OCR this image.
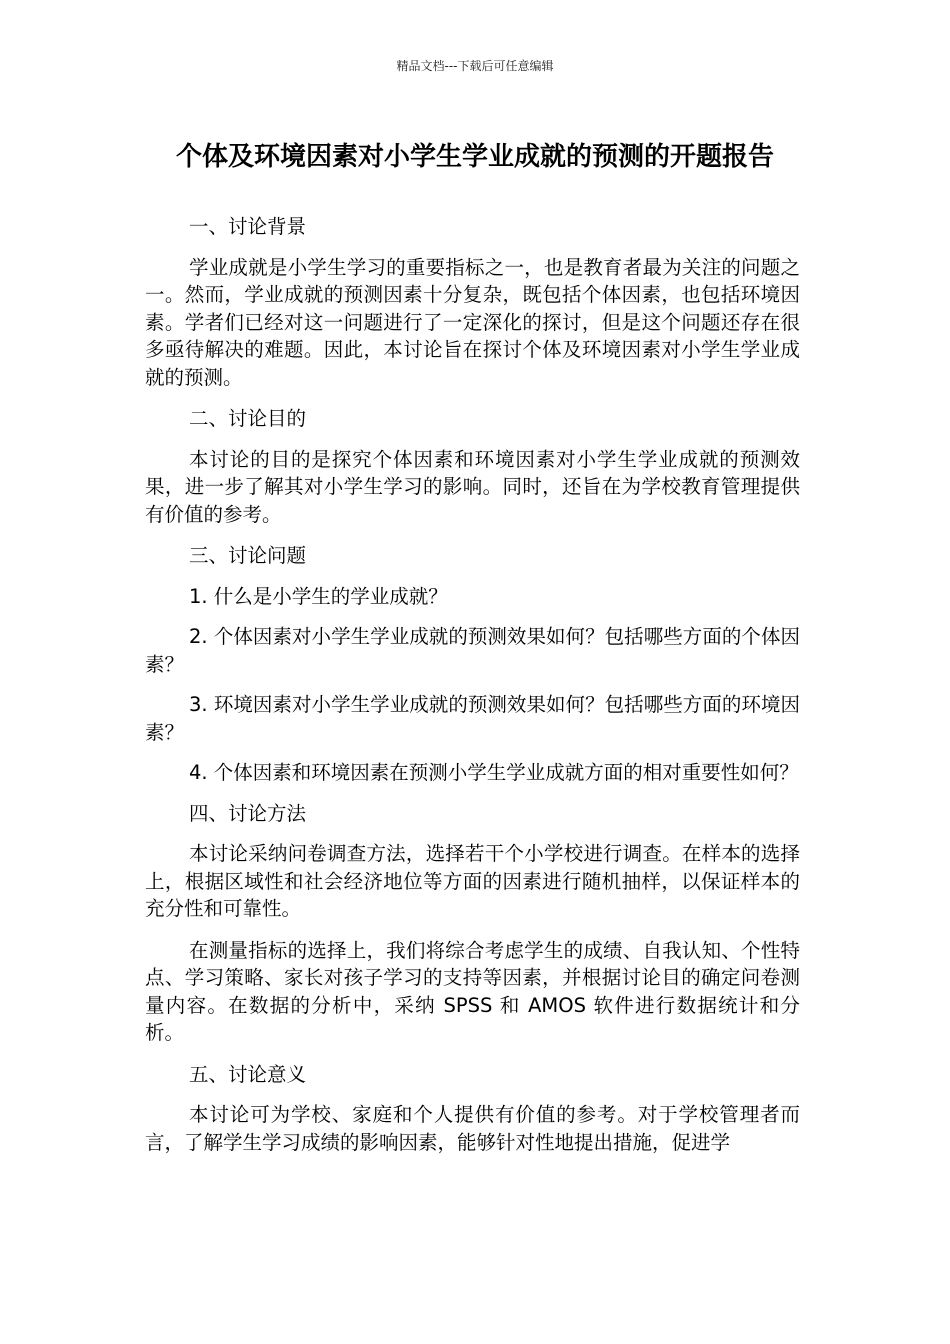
精品文档---下载后可任意编辑
个体及环境因素对小学生学业成就的预测的开题报告

一、讨论背景

学业成就是小学生学习的重要指标之一，也是教育者最为关注的问题之一。然而，学业成就的预测因素十分复杂，既包括个体因素，也包括环境因素。学者们已经对这一问题进行了一定深化的探讨，但是这个问题还存在很多亟待解决的难题。因此，本讨论旨在探讨个体及环境因素对小学生学业成就的预测。

二、讨论目的

本讨论的目的是探究个体因素和环境因素对小学生学业成就的预测效果，进一步了解其对小学生学习的影响。同时，还旨在为学校教育管理提供有价值的参考。

三、讨论问题

1. 什么是小学生的学业成就？

2. 个体因素对小学生学业成就的预测效果如何？包括哪些方面的个体因素？

3. 环境因素对小学生学业成就的预测效果如何？包括哪些方面的环境因素？

4. 个体因素和环境因素在预测小学生学业成就方面的相对重要性如何？

四、讨论方法

本讨论采纳问卷调查方法，选择若干个小学校进行调查。在样本的选择上，根据区域性和社会经济地位等方面的因素进行随机抽样，以保证样本的充分性和可靠性。

在测量指标的选择上，我们将综合考虑学生的成绩、自我认知、个性特点、学习策略、家长对孩子学习的支持等因素，并根据讨论目的确定问卷测量内容。在数据的分析中，采纳 SPSS 和 AMOS 软件进行数据统计和分析。

五、讨论意义

本讨论可为学校、家庭和个人提供有价值的参考。对于学校管理者而言，了解学生学习成绩的影响因素，能够针对性地提出措施，促进学
